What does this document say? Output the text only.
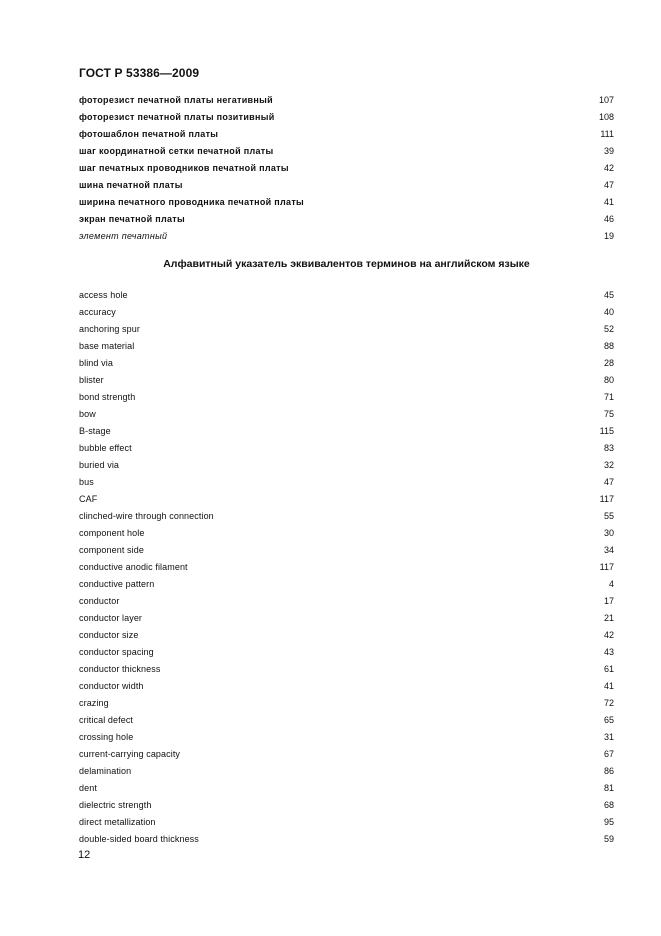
ГОСТ Р 53386—2009
фоторезист печатной платы негативный	107
фоторезист печатной платы позитивный	108
фотошаблон печатной платы	111
шаг координатной сетки печатной платы	39
шаг печатных проводников печатной платы	42
шина печатной платы	47
ширина печатного проводника печатной платы	41
экран печатной платы	46
элемент печатный	19
Алфавитный указатель эквивалентов терминов на английском языке
access hole	45
accuracy	40
anchoring spur	52
base material	88
blind via	28
blister	80
bond strength	71
bow	75
B-stage	115
bubble effect	83
buried via	32
bus	47
CAF	117
clinched-wire through connection	55
component hole	30
component side	34
conductive anodic filament	117
conductive pattern	4
conductor	17
conductor layer	21
conductor size	42
conductor spacing	43
conductor thickness	61
conductor width	41
crazing	72
critical defect	65
crossing hole	31
current-carrying capacity	67
delamination	86
dent	81
dielectric strength	68
direct metallization	95
double-sided board thickness	59
12
